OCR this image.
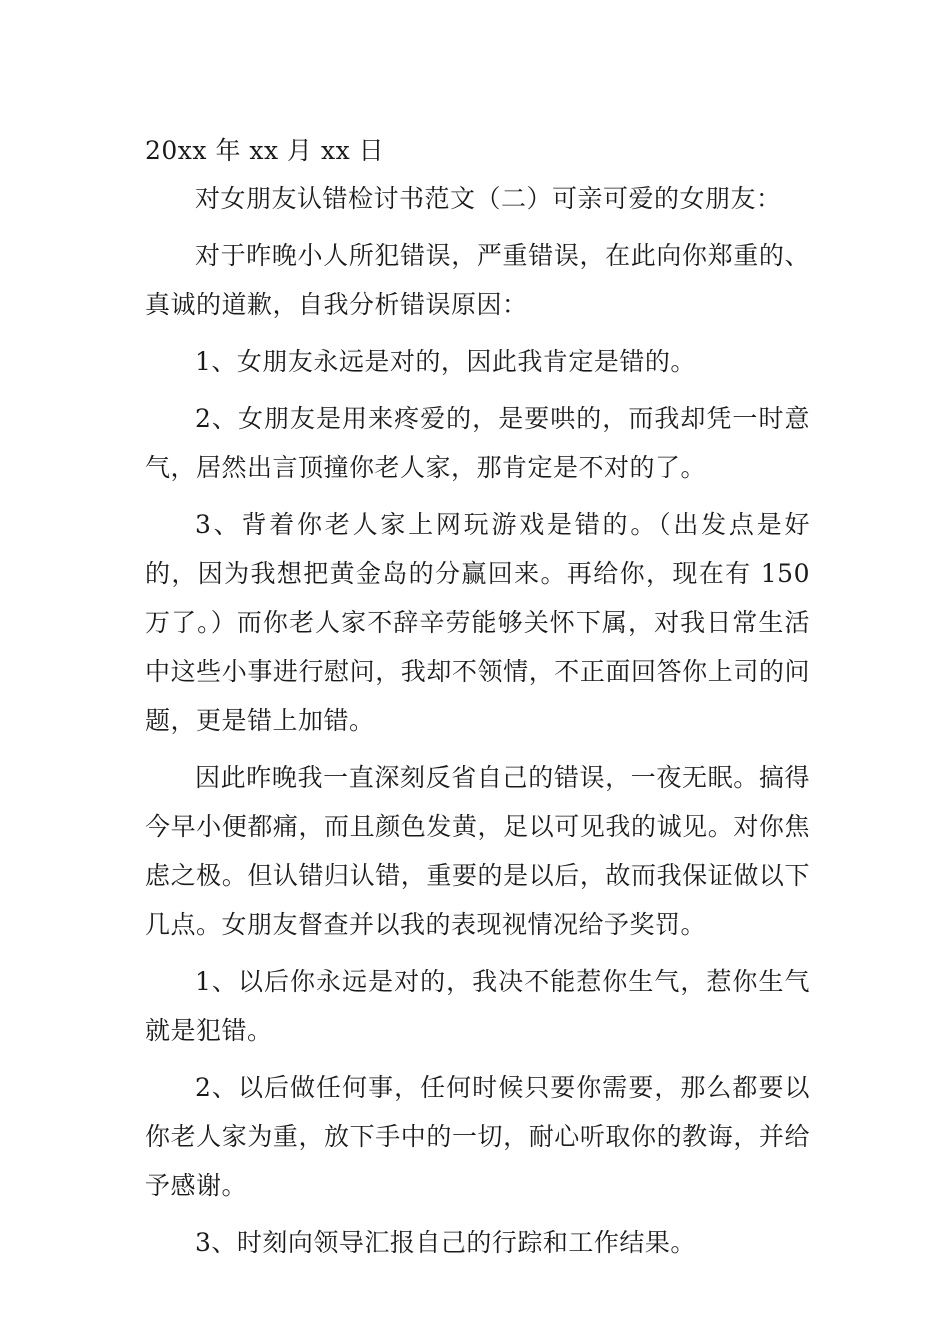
20xx 年 xx 月 xx 日

对女朋友认错检讨书范文（二）可亲可爱的女朋友：

对于昨晚小人所犯错误，严重错误，在此向你郑重的、真诚的道歉，自我分析错误原因：

1、女朋友永远是对的，因此我肯定是错的。

2、女朋友是用来疼爱的，是要哄的，而我却凭一时意气，居然出言顶撞你老人家，那肯定是不对的了。

3、背着你老人家上网玩游戏是错的。（出发点是好的，因为我想把黄金岛的分赢回来。再给你，现在有 150 万了。）而你老人家不辞辛劳能够关怀下属，对我日常生活中这些小事进行慰问，我却不领情，不正面回答你上司的问题，更是错上加错。

因此昨晚我一直深刻反省自己的错误，一夜无眠。搞得今早小便都痛，而且颜色发黄，足以可见我的诚见。对你焦虑之极。但认错归认错，重要的是以后，故而我保证做以下几点。女朋友督查并以我的表现视情况给予奖罚。

1、以后你永远是对的，我决不能惹你生气，惹你生气就是犯错。

2、以后做任何事，任何时候只要你需要，那么都要以你老人家为重，放下手中的一切，耐心听取你的教诲，并给予感谢。

3、时刻向领导汇报自己的行踪和工作结果。
